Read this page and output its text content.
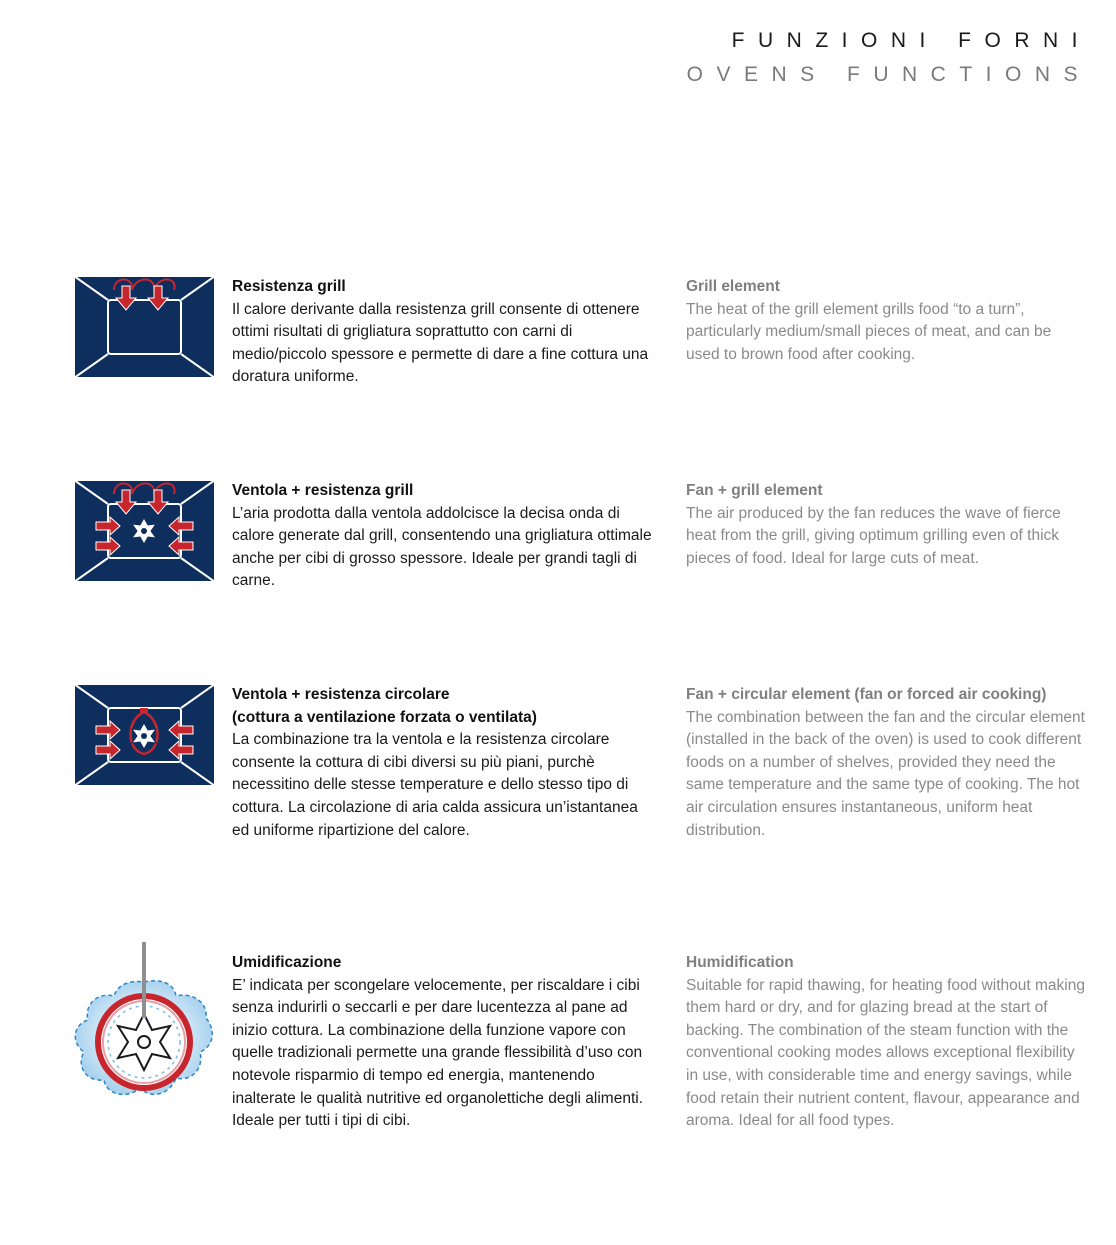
FUNZIONI FORNI
OVENS FUNCTIONS
Resistenza grill
Il calore derivante dalla resistenza grill consente di ottenere ottimi risultati di grigliatura soprattutto con carni di medio/piccolo spessore e permette di dare a fine cottura una doratura uniforme.
Grill element
The heat of the grill element grills food “to a turn”, particularly medium/small pieces of meat, and can be used to brown food after cooking.
Ventola + resistenza grill
L’aria prodotta dalla ventola addolcisce la decisa onda di calore generate dal grill, consentendo una grigliatura ottimale anche per cibi di grosso spessore. Ideale per grandi tagli di carne.
Fan + grill element
The air produced by the fan reduces the wave of fierce heat from the grill, giving optimum grilling even of thick pieces of food. Ideal for large cuts of meat.
Ventola + resistenza circolare
(cottura a ventilazione forzata o ventilata)
La combinazione tra la ventola e la resistenza circolare consente la cottura di cibi diversi su più piani, purchè necessitino delle stesse temperature e dello stesso tipo di cottura. La circolazione di aria calda assicura un’istantanea ed uniforme ripartizione del calore.
Fan + circular element (fan or forced air cooking)
The combination between the fan and the circular element (installed in the back of the oven) is used to cook different foods on a number of shelves, provided they need the same temperature and the same type of cooking. The hot air circulation ensures instantaneous, uniform heat distribution.
Umidificazione
E’ indicata per scongelare velocemente, per riscaldare i cibi senza indurirli o seccarli e per dare lucentezza al pane ad inizio cottura. La combinazione della funzione vapore con quelle tradizionali permette una grande flessibilità d’uso con notevole risparmio di tempo ed energia, mantenendo inalterate le qualità nutritive ed organolettiche degli alimenti. Ideale per tutti i tipi di cibi.
Humidification
Suitable for rapid thawing, for heating food without making them hard or dry, and for glazing bread at the start of backing. The combination of the steam function with the conventional cooking modes allows exceptional flexibility in use, with considerable time and energy savings, while food retain their nutrient content, flavour, appearance and aroma. Ideal for all food types.
